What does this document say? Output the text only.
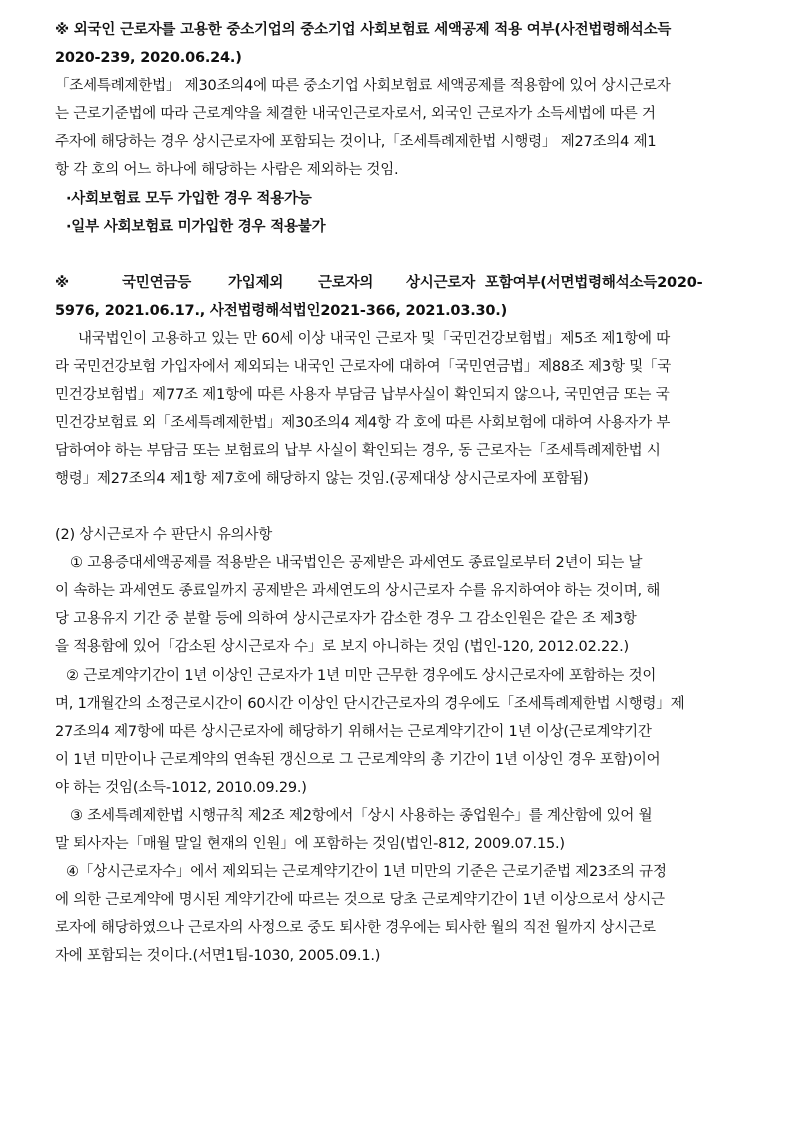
※ 외국인 근로자를 고용한 중소기업의 중소기업 사회보험료 세액공제 적용 여부(사전법령해석소득
2020-239, 2020.06.24.)
「조세특례제한법」 제30조의4에 따른 중소기업 사회보험료 세액공제를 적용함에 있어 상시근로자
는 근로기준법에 따라 근로계약을 체결한 내국인근로자로서, 외국인 근로자가 소득세법에 따른 거
주자에 해당하는 경우 상시근로자에 포함되는 것이나,「조세특례제한법 시행령」 제27조의4 제1
항 각 호의 어느 하나에 해당하는 사람은 제외하는 것임.
·사회보험료 모두 가입한 경우 적용가능
·일부 사회보험료 미가입한 경우 적용불가
※	국민연금등	가입제외 근로자의 상시근로자 포함여부(서면법령해석소득2020-
5976, 2021.06.17., 사전법령해석법인2021-366, 2021.03.30.)
내국법인이 고용하고 있는 만 60세 이상 내국인 근로자 및「국민건강보험법」제5조 제1항에 따
라 국민건강보험 가입자에서 제외되는 내국인 근로자에 대하여「국민연금법」제88조 제3항 및「국
민건강보험법」제77조 제1항에 따른 사용자 부담금 납부사실이 확인되지 않으나, 국민연금 또는 국
민건강보험료 외「조세특례제한법」제30조의4 제4항 각 호에 따른 사회보험에 대하여 사용자가 부
담하여야 하는 부담금 또는 보험료의 납부 사실이 확인되는 경우, 동 근로자는「조세특례제한법 시
행령」제27조의4 제1항 제7호에 해당하지 않는 것임.(공제대상 상시근로자에 포함됨)
(2) 상시근로자 수 판단시 유의사항
① 고용증대세액공제를 적용받은 내국법인은 공제받은 과세연도 종료일로부터 2년이 되는 날
이 속하는 과세연도 종료일까지 공제받은 과세연도의 상시근로자 수를 유지하여야 하는 것이며, 해
당 고용유지 기간 중 분할 등에 의하여 상시근로자가 감소한 경우 그 감소인원은 같은 조 제3항
을 적용함에 있어「감소된 상시근로자 수」로 보지 아니하는 것임 (법인-120, 2012.02.22.)
② 근로계약기간이 1년 이상인 근로자가 1년 미만 근무한 경우에도 상시근로자에 포함하는 것이
며, 1개월간의 소정근로시간이 60시간 이상인 단시간근로자의 경우에도「조세특례제한법 시행령」제
27조의4 제7항에 따른 상시근로자에 해당하기 위해서는 근로계약기간이 1년 이상(근로계약기간
이 1년 미만이나 근로계약의 연속된 갱신으로 그 근로계약의 총 기간이 1년 이상인 경우 포함)이어
야 하는 것임(소득-1012, 2010.09.29.)
③ 조세특례제한법 시행규칙 제2조 제2항에서「상시 사용하는 종업원수」를 계산함에 있어 월
말 퇴사자는「매월 말일 현재의 인원」에 포함하는 것임(법인-812, 2009.07.15.)
④「상시근로자수」에서 제외되는 근로계약기간이 1년 미만의 기준은 근로기준법 제23조의 규정
에 의한 근로계약에 명시된 계약기간에 따르는 것으로 당초 근로계약기간이 1년 이상으로서 상시근
로자에 해당하였으나 근로자의 사정으로 중도 퇴사한 경우에는 퇴사한 월의 직전 월까지 상시근로
자에 포함되는 것이다.(서면1팀-1030, 2005.09.1.)
